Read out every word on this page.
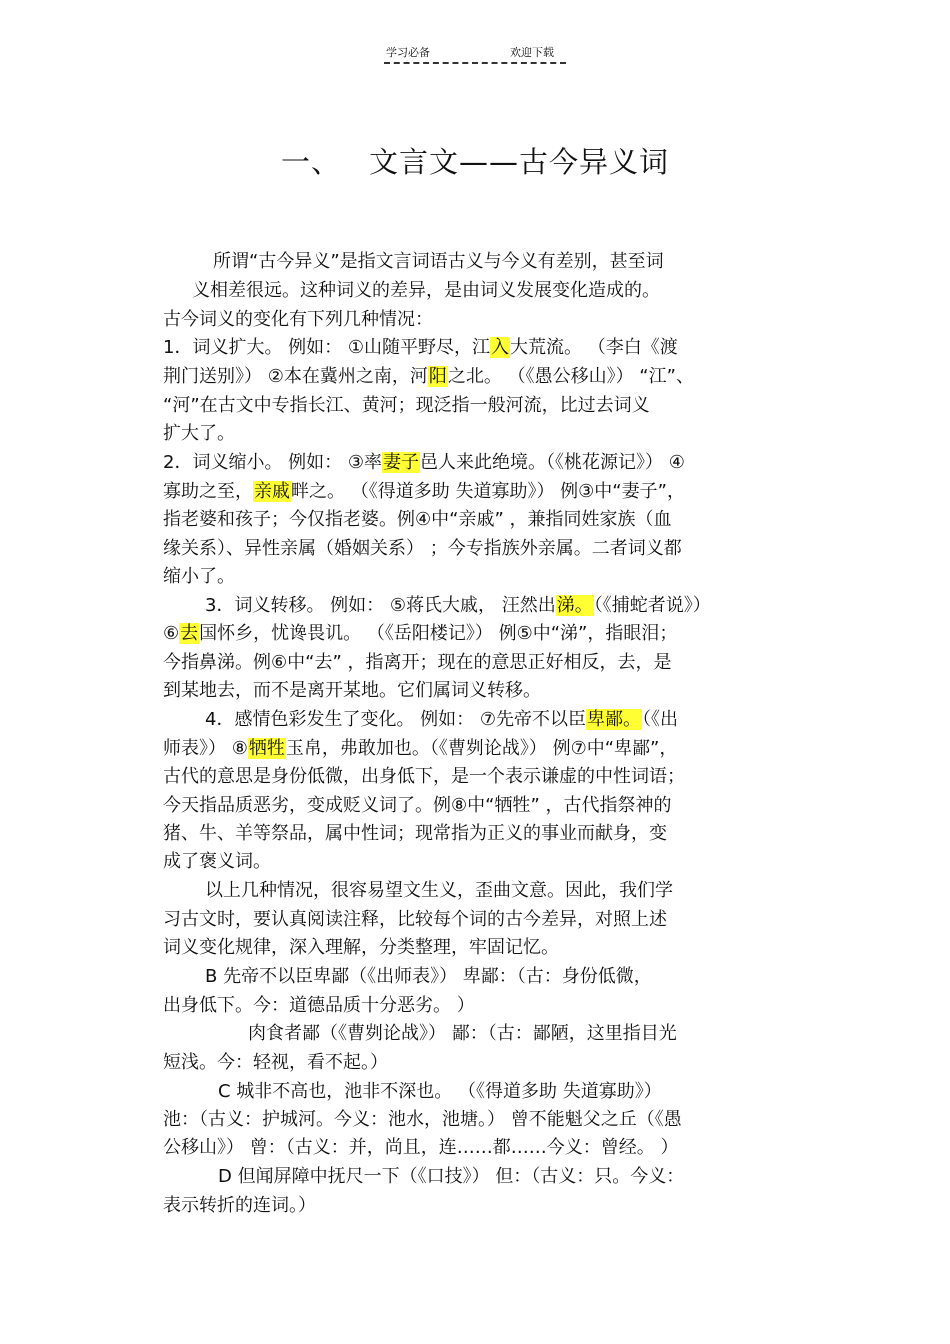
学习必备	欢迎下载
一、 文言文——古今异义词
所谓“古今异义”是指文言词语古义与今义有差别，甚至词
义相差很远。这种词义的差异，是由词义发展变化造成的。
古今词义的变化有下列几种情况：
1．词义扩大。 例如： ①山随平野尽，江入大荒流。 （李白《渡
荆门送别》） ②本在冀州之南，河阳之北。 （《愚公移山》） “江”、
“河”在古文中专指长江、黄河；现泛指一般河流，比过去词义
扩大了。
2．词义缩小。 例如： ③率妻子邑人来此绝境。（《桃花源记》） ④
寡助之至，亲戚畔之。 （《得道多助 失道寡助》） 例③中“妻子”，
指老婆和孩子；今仅指老婆。例④中“亲戚” ，兼指同姓家族（血
缘关系）、异性亲属（婚姻关系） ；今专指族外亲属。二者词义都
缩小了。
3．词义转移。 例如： ⑤蒋氏大戚， 汪然出涕。（《捕蛇者说》）
⑥去国怀乡，忧谗畏讥。 （《岳阳楼记》） 例⑤中“涕”，指眼泪；
今指鼻涕。例⑥中“去” ，指离开；现在的意思正好相反，去，是
到某地去，而不是离开某地。它们属词义转移。
4．感情色彩发生了变化。 例如： ⑦先帝不以臣卑鄙。（《出
师表》） ⑧牺牲玉帛，弗敢加也。（《曹刿论战》） 例⑦中“卑鄙”，
古代的意思是身份低微，出身低下，是一个表示谦虚的中性词语；
今天指品质恶劣，变成贬义词了。例⑧中“牺牲” ，古代指祭神的
猪、牛、羊等祭品，属中性词；现常指为正义的事业而献身，变
成了褒义词。
以上几种情况，很容易望文生义，歪曲文意。因此，我们学
习古文时，要认真阅读注释，比较每个词的古今差异，对照上述
词义变化规律，深入理解，分类整理，牢固记忆。
B 先帝不以臣卑鄙（《出师表》） 卑鄙：（古：身份低微，
出身低下。今：道德品质十分恶劣。 ）
肉食者鄙（《曹刿论战》） 鄙：（古：鄙陋，这里指目光
短浅。今：轻视，看不起。）
C 城非不高也，池非不深也。 （《得道多助 失道寡助》）
池：（古义：护城河。今义：池水，池塘。） 曾不能魁父之丘（《愚
公移山》） 曾：（古义：并，尚且，连……都……今义：曾经。 ）
D 但闻屏障中抚尺一下（《口技》） 但：（古义：只。今义：
表示转折的连词。）
